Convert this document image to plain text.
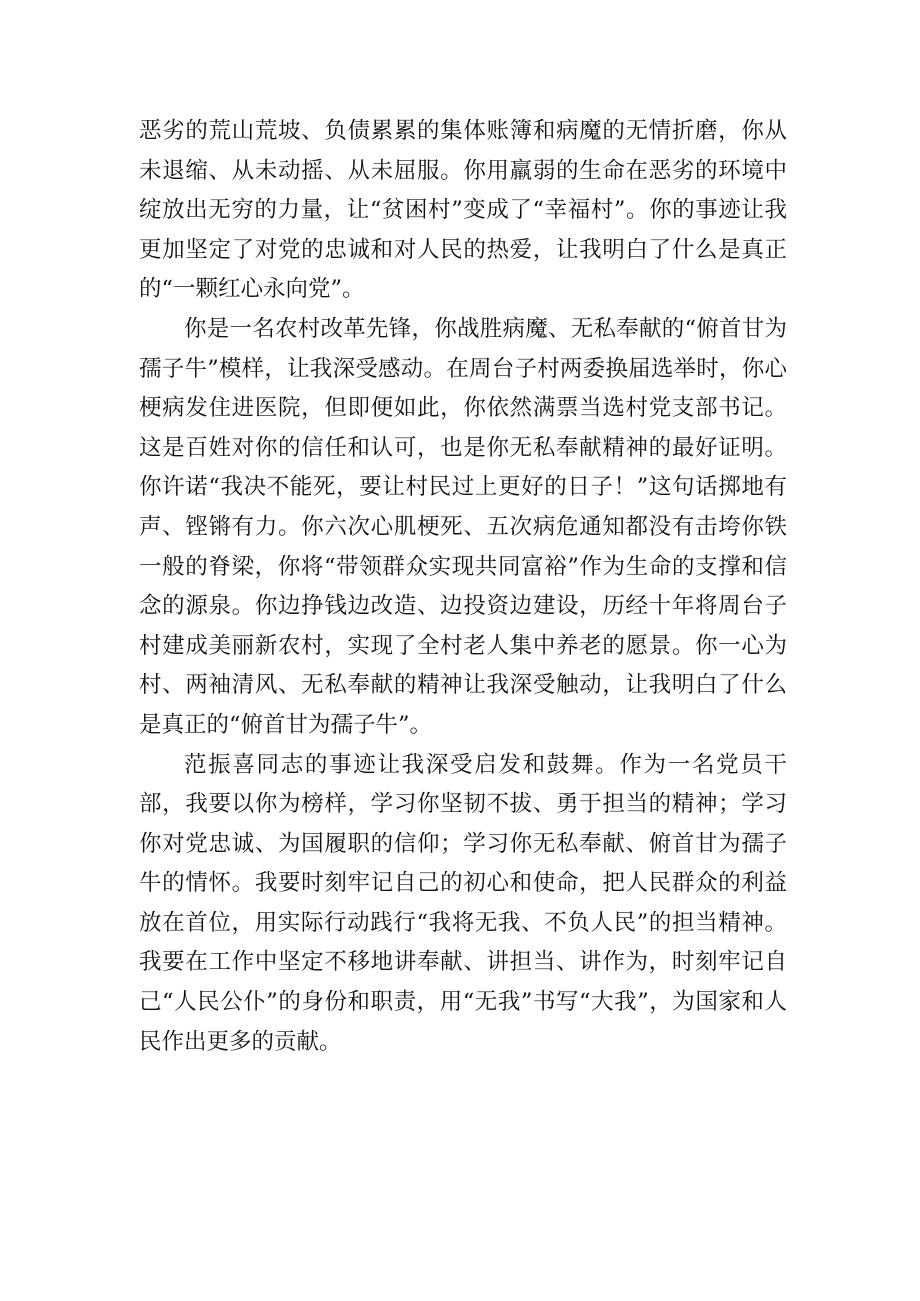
恶劣的荒山荒坡、负债累累的集体账簿和病魔的无情折磨，你从未退缩、从未动摇、从未屈服。你用羸弱的生命在恶劣的环境中绽放出无穷的力量，让“贫困村”变成了“幸福村”。你的事迹让我更加坚定了对党的忠诚和对人民的热爱，让我明白了什么是真正的“一颗红心永向党”。

你是一名农村改革先锋，你战胜病魔、无私奉献的“俯首甘为孺子牛”模样，让我深受感动。在周台子村两委换届选举时，你心梗病发住进医院，但即便如此，你依然满票当选村党支部书记。这是百姓对你的信任和认可，也是你无私奉献精神的最好证明。你许诺“我决不能死，要让村民过上更好的日子！”这句话掷地有声、铿锵有力。你六次心肌梗死、五次病危通知都没有击垮你铁一般的脊梁，你将“带领群众实现共同富裕”作为生命的支撑和信念的源泉。你边挣钱边改造、边投资边建设，历经十年将周台子村建成美丽新农村，实现了全村老人集中养老的愿景。你一心为村、两袖清风、无私奉献的精神让我深受触动，让我明白了什么是真正的“俯首甘为孺子牛”。

范振喜同志的事迹让我深受启发和鼓舞。作为一名党员干部，我要以你为榜样，学习你坚韧不拔、勇于担当的精神；学习你对党忠诚、为国履职的信仰；学习你无私奉献、俯首甘为孺子牛的情怀。我要时刻牢记自己的初心和使命，把人民群众的利益放在首位，用实际行动践行“我将无我、不负人民”的担当精神。我要在工作中坚定不移地讲奉献、讲担当、讲作为，时刻牢记自己“人民公仆”的身份和职责，用“无我”书写“大我”，为国家和人民作出更多的贡献。
